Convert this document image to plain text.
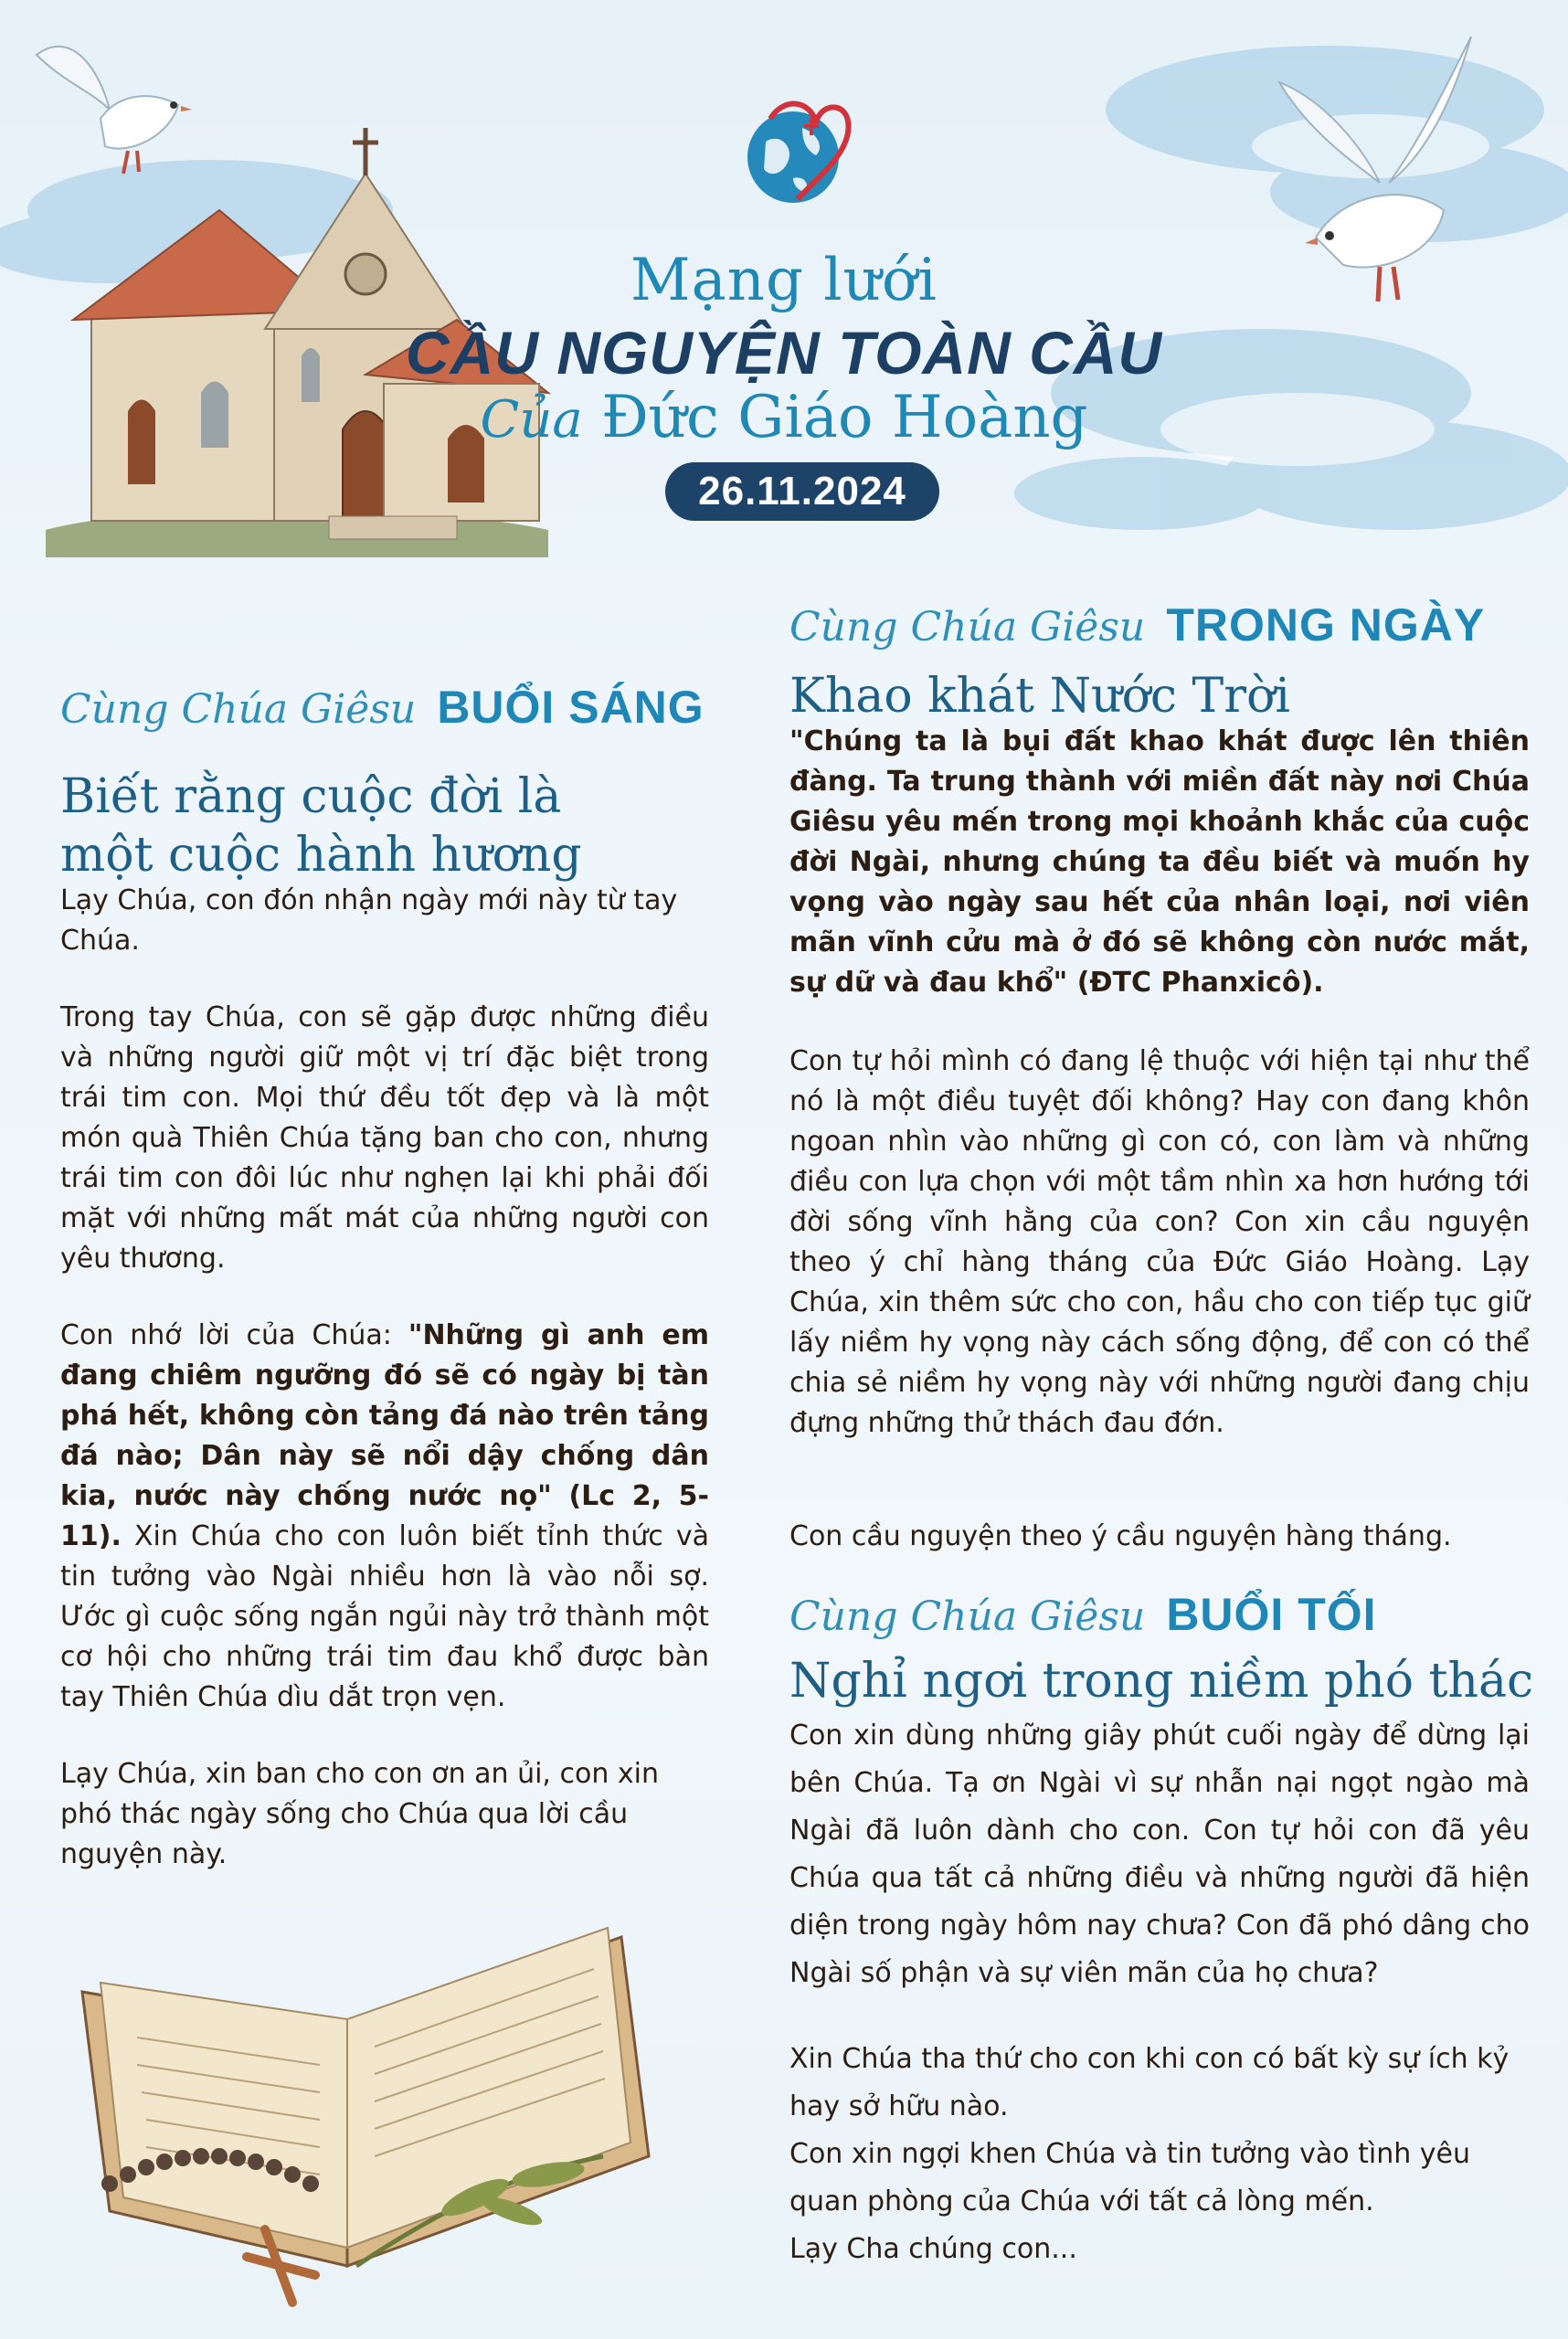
Mạng lưới
CẦU NGUYỆN TOÀN CẦU
Của Đức Giáo Hoàng
26.11.2024
Cùng Chúa Giêsu BUỔI SÁNG
Biết rằng cuộc đời là một cuộc hành hương

Lạy Chúa, con đón nhận ngày mới này từ tay Chúa.

Trong tay Chúa, con sẽ gặp được những điều và những người giữ một vị trí đặc biệt trong trái tim con. Mọi thứ đều tốt đẹp và là một món quà Thiên Chúa tặng ban cho con, nhưng trái tim con đôi lúc như nghẹn lại khi phải đối mặt với những mất mát của những người con yêu thương.

Con nhớ lời của Chúa: "Những gì anh em đang chiêm ngưỡng đó sẽ có ngày bị tàn phá hết, không còn tảng đá nào trên tảng đá nào; Dân này sẽ nổi dậy chống dân kia, nước này chống nước nọ" (Lc 2, 5-11). Xin Chúa cho con luôn biết tỉnh thức và tin tưởng vào Ngài nhiều hơn là vào nỗi sợ. Ước gì cuộc sống ngắn ngủi này trở thành một cơ hội cho những trái tim đau khổ được bàn tay Thiên Chúa dìu dắt trọn vẹn.

Lạy Chúa, xin ban cho con ơn an ủi, con xin phó thác ngày sống cho Chúa qua lời cầu nguyện này.

Cùng Chúa Giêsu TRONG NGÀY
Khao khát Nước Trời

"Chúng ta là bụi đất khao khát được lên thiên đàng. Ta trung thành với miền đất này nơi Chúa Giêsu yêu mến trong mọi khoảnh khắc của cuộc đời Ngài, nhưng chúng ta đều biết và muốn hy vọng vào ngày sau hết của nhân loại, nơi viên mãn vĩnh cửu mà ở đó sẽ không còn nước mắt, sự dữ và đau khổ" (ĐTC Phanxicô).

Con tự hỏi mình có đang lệ thuộc với hiện tại như thể nó là một điều tuyệt đối không? Hay con đang khôn ngoan nhìn vào những gì con có, con làm và những điều con lựa chọn với một tầm nhìn xa hơn hướng tới đời sống vĩnh hằng của con? Con xin cầu nguyện theo ý chỉ hàng tháng của Đức Giáo Hoàng. Lạy Chúa, xin thêm sức cho con, hầu cho con tiếp tục giữ lấy niềm hy vọng này cách sống động, để con có thể chia sẻ niềm hy vọng này với những người đang chịu đựng những thử thách đau đớn.

Con cầu nguyện theo ý cầu nguyện hàng tháng.

Cùng Chúa Giêsu BUỔI TỐI
Nghỉ ngơi trong niềm phó thác

Con xin dùng những giây phút cuối ngày để dừng lại bên Chúa. Tạ ơn Ngài vì sự nhẫn nại ngọt ngào mà Ngài đã luôn dành cho con. Con tự hỏi con đã yêu Chúa qua tất cả những điều và những người đã hiện diện trong ngày hôm nay chưa? Con đã phó dâng cho Ngài số phận và sự viên mãn của họ chưa?

Xin Chúa tha thứ cho con khi con có bất kỳ sự ích kỷ hay sở hữu nào.

Con xin ngợi khen Chúa và tin tưởng vào tình yêu quan phòng của Chúa với tất cả lòng mến.

Lạy Cha chúng con...
